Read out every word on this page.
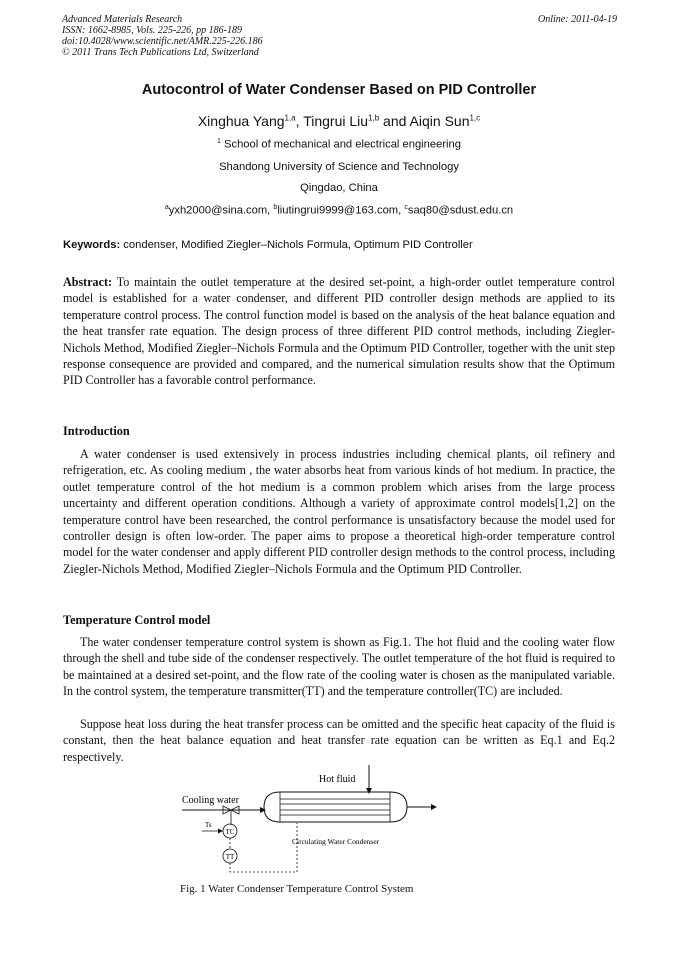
Advanced Materials Research
ISSN: 1662-8985, Vols. 225-226, pp 186-189
doi:10.4028/www.scientific.net/AMR.225-226.186
© 2011 Trans Tech Publications Ltd, Switzerland
Online: 2011-04-19
Autocontrol of Water Condenser Based on PID Controller
Xinghua Yang$^{1,a}$, Tingrui Liu$^{1,b}$ and Aiqin Sun$^{1,c}$
$^1$ School of mechanical and electrical engineering
Shandong University of Science and Technology
Qingdao, China
$^a$yxh2000@sina.com, $^b$liutingrui9999@163.com, $^c$saq80@sdust.edu.cn
Keywords: condenser, Modified Ziegler–Nichols Formula, Optimum PID Controller
Abstract: To maintain the outlet temperature at the desired set-point, a high-order outlet temperature control model is established for a water condenser, and different PID controller design methods are applied to its temperature control process. The control function model is based on the analysis of the heat balance equation and the heat transfer rate equation. The design process of three different PID control methods, including Ziegler-Nichols Method, Modified Ziegler–Nichols Formula and the Optimum PID Controller, together with the unit step response consequence are provided and compared, and the numerical simulation results show that the Optimum PID Controller has a favorable control performance.
Introduction
A water condenser is used extensively in process industries including chemical plants, oil refinery and refrigeration, etc. As cooling medium , the water absorbs heat from various kinds of hot medium. In practice, the outlet temperature control of the hot medium is a common problem which arises from the large process uncertainty and different operation conditions. Although a variety of approximate control models[1,2] on the temperature control have been researched, the control performance is unsatisfactory because the model used for controller design is often low-order. The paper aims to propose a theoretical high-order temperature control model for the water condenser and apply different PID controller design methods to the control process, including Ziegler-Nichols Method, Modified Ziegler–Nichols Formula and the Optimum PID Controller.
Temperature Control model
The water condenser temperature control system is shown as Fig.1. The hot fluid and the cooling water flow through the shell and tube side of the condenser respectively. The outlet temperature of the hot fluid is required to be maintained at a desired set-point, and the flow rate of the cooling water is chosen as the manipulated variable. In the control system, the temperature transmitter(TT) and the temperature controller(TC) are included.
Suppose heat loss during the heat transfer process can be omitted and the specific heat capacity of the fluid is constant, then the heat balance equation and heat transfer rate equation can be written as Eq.1 and Eq.2 respectively.
Hot fluid
Cooling water
Ts
TC
TT
Circulating Water Condenser
Fig. 1 Water Condenser Temperature Control System
